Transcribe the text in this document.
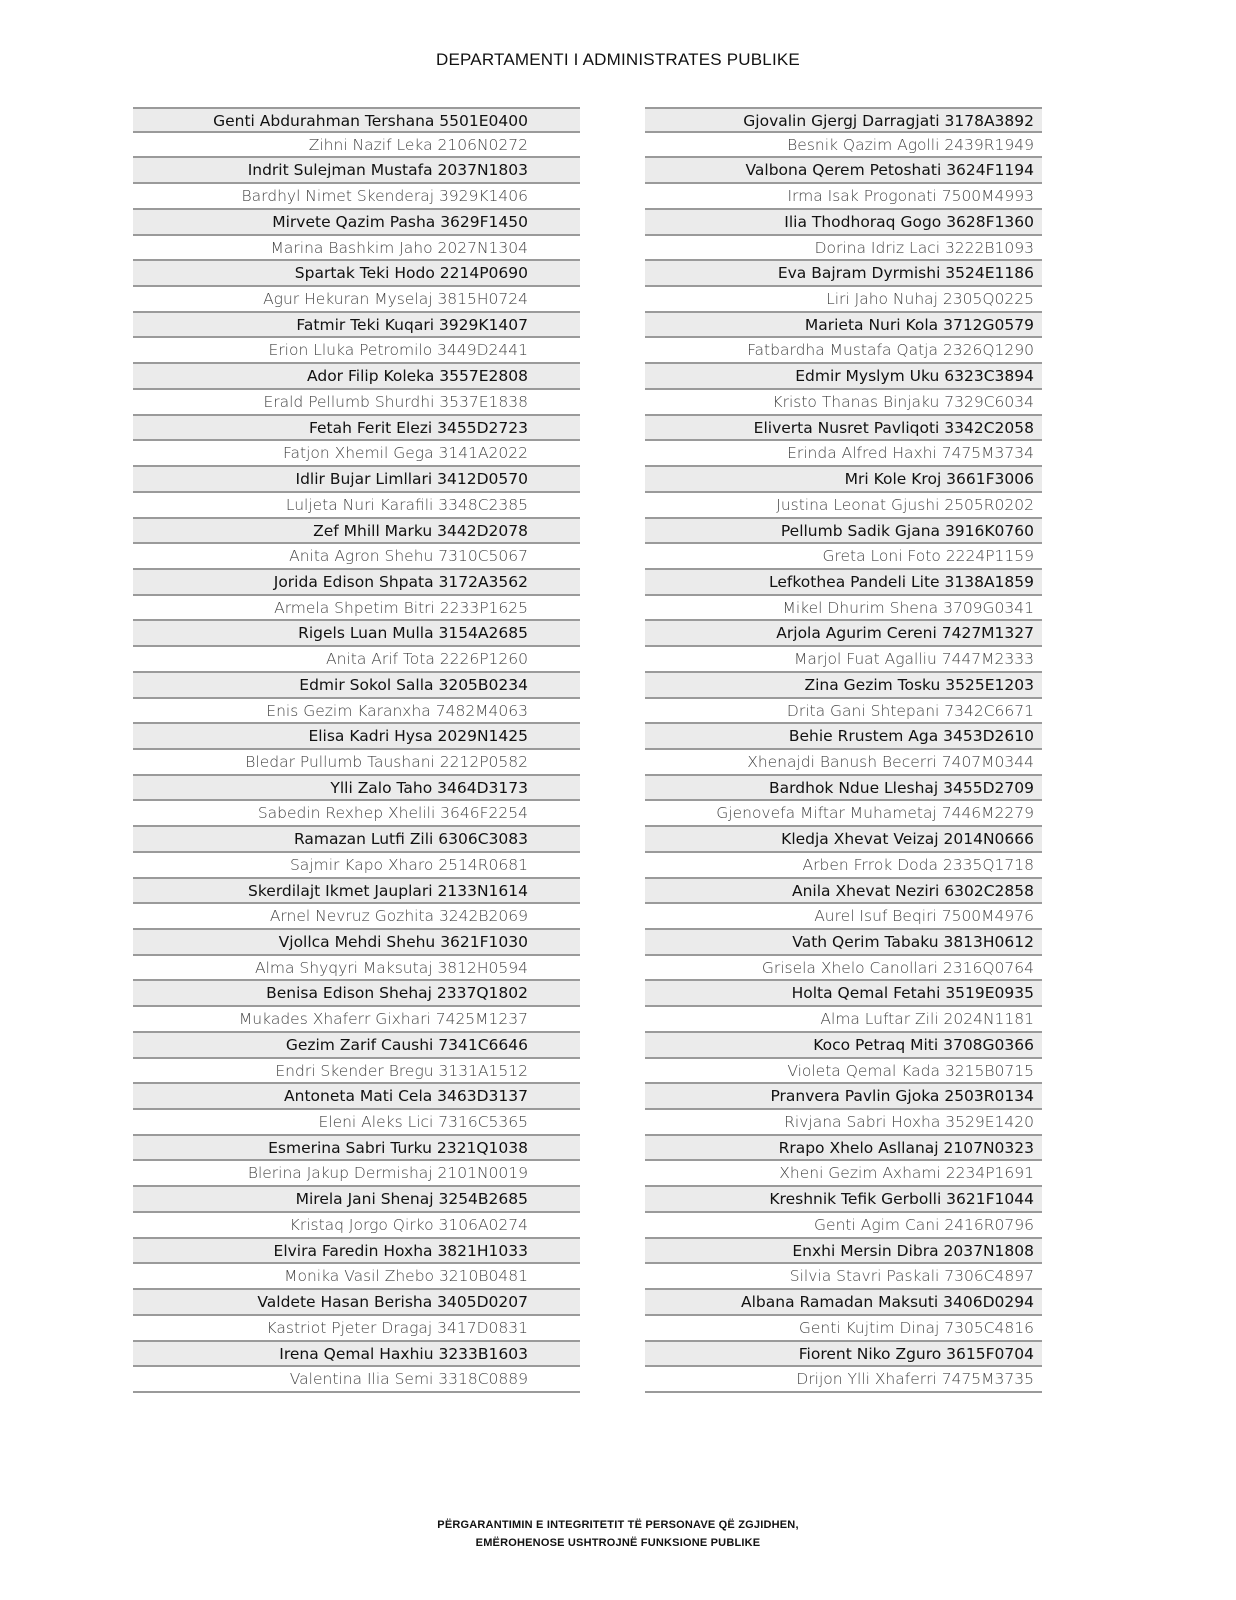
DEPARTAMENTI I ADMINISTRATES PUBLIKE
Genti Abdurahman Tershana 5501E0400
Zihni Nazif Leka 2106N0272
Indrit Sulejman Mustafa 2037N1803
Bardhyl Nimet Skenderaj 3929K1406
Mirvete Qazim Pasha 3629F1450
Marina Bashkim Jaho 2027N1304
Spartak Teki Hodo 2214P0690
Agur Hekuran Myselaj 3815H0724
Fatmir Teki Kuqari 3929K1407
Erion Lluka Petromilo 3449D2441
Ador Filip Koleka 3557E2808
Erald Pellumb Shurdhi 3537E1838
Fetah Ferit Elezi 3455D2723
Fatjon Xhemil Gega 3141A2022
Idlir Bujar Limllari 3412D0570
Luljeta Nuri Karafili 3348C2385
Zef Mhill Marku 3442D2078
Anita Agron Shehu 7310C5067
Jorida Edison Shpata 3172A3562
Armela Shpetim Bitri 2233P1625
Rigels Luan Mulla 3154A2685
Anita Arif Tota 2226P1260
Edmir Sokol Salla 3205B0234
Enis Gezim Karanxha 7482M4063
Elisa Kadri Hysa 2029N1425
Bledar Pullumb Taushani 2212P0582
Ylli Zalo Taho 3464D3173
Sabedin Rexhep Xhelili 3646F2254
Ramazan Lutfi Zili 6306C3083
Sajmir Kapo Xharo 2514R0681
Skerdilajt Ikmet Jauplari 2133N1614
Arnel Nevruz Gozhita 3242B2069
Vjollca Mehdi Shehu 3621F1030
Alma Shyqyri Maksutaj 3812H0594
Benisa Edison Shehaj 2337Q1802
Mukades Xhaferr Gixhari 7425M1237
Gezim Zarif Caushi 7341C6646
Endri Skender Bregu 3131A1512
Antoneta Mati Cela 3463D3137
Eleni Aleks Lici 7316C5365
Esmerina Sabri Turku 2321Q1038
Blerina Jakup Dermishaj 2101N0019
Mirela Jani Shenaj 3254B2685
Kristaq Jorgo Qirko 3106A0274
Elvira Faredin Hoxha 3821H1033
Monika Vasil Zhebo 3210B0481
Valdete Hasan Berisha 3405D0207
Kastriot Pjeter Dragaj 3417D0831
Irena Qemal Haxhiu 3233B1603
Valentina Ilia Semi 3318C0889
Gjovalin Gjergj Darragjati 3178A3892
Besnik Qazim Agolli 2439R1949
Valbona Qerem Petoshati 3624F1194
Irma Isak Progonati 7500M4993
Ilia Thodhoraq Gogo 3628F1360
Dorina Idriz Laci 3222B1093
Eva Bajram Dyrmishi 3524E1186
Liri Jaho Nuhaj 2305Q0225
Marieta Nuri Kola 3712G0579
Fatbardha Mustafa Qatja 2326Q1290
Edmir Myslym Uku 6323C3894
Kristo Thanas Binjaku 7329C6034
Eliverta Nusret Pavliqoti 3342C2058
Erinda Alfred Haxhi 7475M3734
Mri Kole Kroj 3661F3006
Justina Leonat Gjushi 2505R0202
Pellumb Sadik Gjana 3916K0760
Greta Loni Foto 2224P1159
Lefkothea Pandeli Lite 3138A1859
Mikel Dhurim Shena 3709G0341
Arjola Agurim Cereni 7427M1327
Marjol Fuat Agalliu 7447M2333
Zina Gezim Tosku 3525E1203
Drita Gani Shtepani 7342C6671
Behie Rrustem Aga 3453D2610
Xhenajdi Banush Becerri 7407M0344
Bardhok Ndue Lleshaj 3455D2709
Gjenovefa Miftar Muhametaj 7446M2279
Kledja Xhevat Veizaj 2014N0666
Arben Frrok Doda 2335Q1718
Anila Xhevat Neziri 6302C2858
Aurel Isuf Beqiri 7500M4976
Vath Qerim Tabaku 3813H0612
Grisela Xhelo Canollari 2316Q0764
Holta Qemal Fetahi 3519E0935
Alma Luftar Zili 2024N1181
Koco Petraq Miti 3708G0366
Violeta Qemal Kada 3215B0715
Pranvera Pavlin Gjoka 2503R0134
Rivjana Sabri Hoxha 3529E1420
Rrapo Xhelo Asllanaj 2107N0323
Xheni Gezim Axhami 2234P1691
Kreshnik Tefik Gerbolli 3621F1044
Genti Agim Cani 2416R0796
Enxhi Mersin Dibra 2037N1808
Silvia Stavri Paskali 7306C4897
Albana Ramadan Maksuti 3406D0294
Genti Kujtim Dinaj 7305C4816
Fiorent Niko Zguro 3615F0704
Drijon Ylli Xhaferri 7475M3735
PËRGARANTIMIN E INTEGRITETIT TË PERSONAVE QË ZGJIDHEN,
EMËROHENOSE USHTROJNË FUNKSIONE PUBLIKE
